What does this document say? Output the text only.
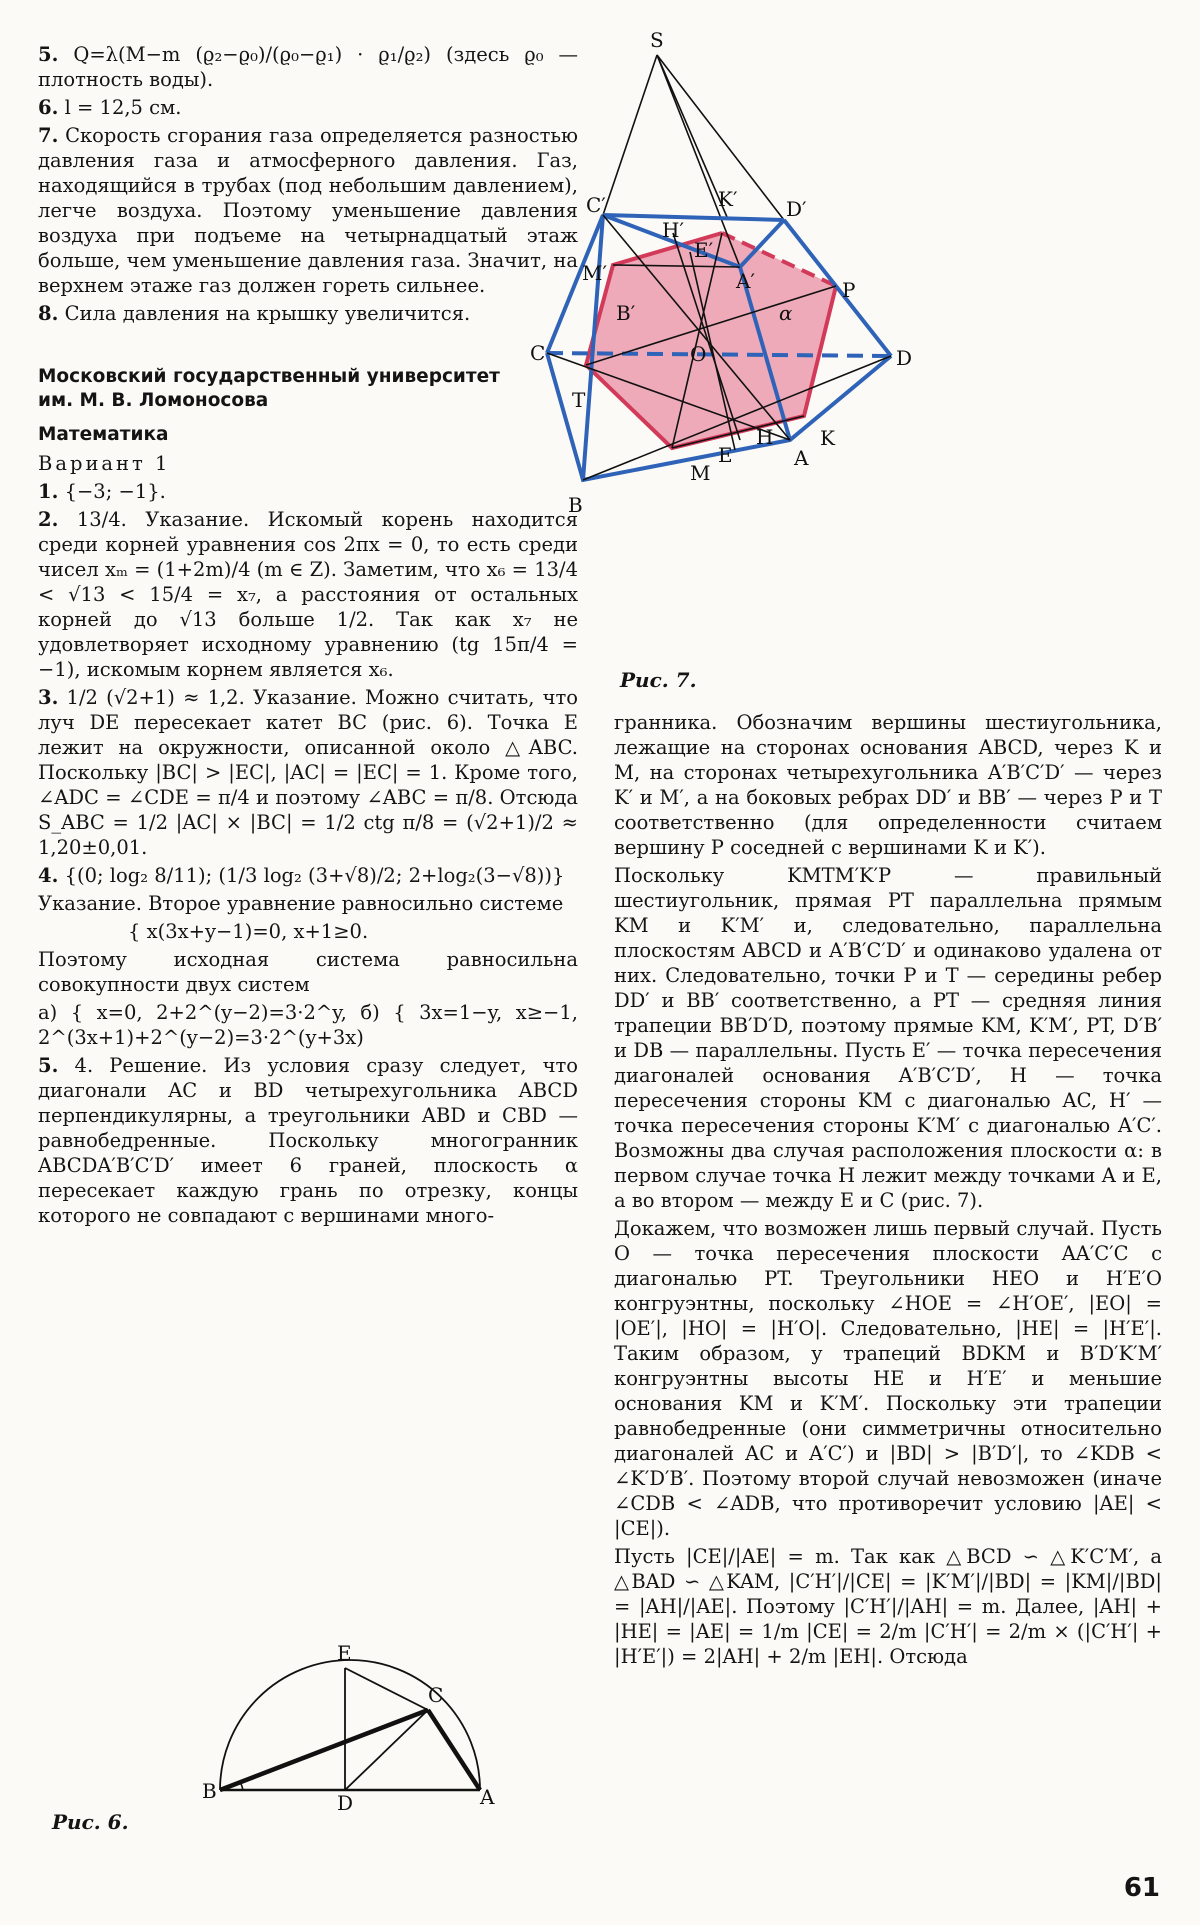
S
C′	K′ D′
H′
E′
M′	A′
B′	α
P
O
C	D
T
H K
E	A
M
B
Рис. 7.

5. Q=λ(M−m (ϱ₂−ϱ₀)/(ϱ₀−ϱ₁) · ϱ₁/ϱ₂) (здесь ϱ₀ — плотность воды).

6. l = 12,5 см.

7. Скорость сгорания газа определяется разностью давления газа и атмосферного давления. Газ, находящийся в трубах (под небольшим давлением), легче воздуха. Поэтому уменьшение давления воздуха при подъеме на четырнадцатый этаж больше, чем уменьшение давления газа. Значит, на верхнем этаже газ должен гореть сильнее.

8. Сила давления на крышку увеличится.

Московский государственный университет

им. М. В. Ломоносова

Математика

Вариант 1

1. {−3; −1}.

2. 13/4. Указание. Искомый корень находится среди корней уравнения cos 2πx = 0, то есть среди чисел xₘ = (1+2m)/4 (m ∈ Z). Заметим, что x₆ = 13/4 < √13 < 15/4 = x₇, а расстояния от остальных корней до √13 больше 1/2. Так как x₇ не удовлетворяет исходному уравнению (tg 15π/4 = −1), искомым корнем является x₆.

3. 1/2 (√2+1) ≈ 1,2. Указание. Можно считать, что луч DE пересекает катет BC (рис. 6). Точка E лежит на окружности, описанной около △ABC. Поскольку |BC| > |EC|, |AC| = |EC| = 1. Кроме того, ∠ADC = ∠CDE = π/4 и поэтому ∠ABC = π/8. Отсюда S_ABC = 1/2 |AC| × |BC| = 1/2 ctg π/8 = (√2+1)/2 ≈ 1,20±0,01.

4. {(0; log₂ 8/11); (1/3 log₂ (3+√8)/2; 2+log₂(3−√8))}

Указание. Второе уравнение равносильно системе

{ x(3x+y−1)=0, x+1≥0.

Поэтому исходная система равносильна совокупности двух систем

а) { x=0, 2+2^(y−2)=3·2^y, б) { 3x=1−y, x≥−1, 2^(3x+1)+2^(y−2)=3·2^(y+3x)

5. 4. Решение. Из условия сразу следует, что диагонали AC и BD четырехугольника ABCD перпендикулярны, а треугольники ABD и CBD — равнобедренные. Поскольку многогранник ABCDA′B′C′D′ имеет 6 граней, плоскость α пересекает каждую грань по отрезку, концы которого не совпадают с вершинами много-

Рис. 6.
E
C
B	D	A

гранника. Обозначим вершины шестиугольника, лежащие на сторонах основания ABCD, через K и M, на сторонах четырехугольника A′B′C′D′ — через K′ и M′, а на боковых ребрах DD′ и BB′ — через P и T соответственно (для определенности считаем вершину P соседней с вершинами K и K′).

Поскольку KMTM′K′P — правильный шестиугольник, прямая PT параллельна прямым KM и K′M′ и, следовательно, параллельна плоскостям ABCD и A′B′C′D′ и одинаково удалена от них. Следовательно, точки P и T — середины ребер DD′ и BB′ соответственно, а PT — средняя линия трапеции BB′D′D, поэтому прямые KM, K′M′, PT, D′B′ и DB — параллельны. Пусть E′ — точка пересечения диагоналей основания A′B′C′D′, H — точка пересечения стороны KM с диагональю AC, H′ — точка пересечения стороны K′M′ с диагональю A′C′. Возможны два случая расположения плоскости α: в первом случае точка H лежит между точками A и E, а во втором — между E и C (рис. 7).

Докажем, что возможен лишь первый случай. Пусть O — точка пересечения плоскости AA′C′C с диагональю PT. Треугольники HEO и H′E′O конгруэнтны, поскольку ∠HOE = ∠H′OE′, |EO| = |OE′|, |HO| = |H′O|. Следовательно, |HE| = |H′E′|. Таким образом, у трапеций BDKM и B′D′K′M′ конгруэнтны высоты HE и H′E′ и меньшие основания KM и K′M′. Поскольку эти трапеции равнобедренные (они симметричны относительно диагоналей AC и A′C′) и |BD| > |B′D′|, то ∠KDB < ∠K′D′B′. Поэтому второй случай невозможен (иначе ∠CDB < ∠ADB, что противоречит условию |AE| < |CE|).

Пусть |CE|/|AE| = m. Так как △BCD ∽ △K′C′M′, а △BAD ∽ △KAM, |C′H′|/|CE| = |K′M′|/|BD| = |KM|/|BD| = |AH|/|AE|. Поэтому |C′H′|/|AH| = m. Далее, |AH| + |HE| = |AE| = 1/m |CE| = 2/m |C′H′| = 2/m × (|C′H′| + |H′E′|) = 2|AH| + 2/m |EH|. Отсюда

61
